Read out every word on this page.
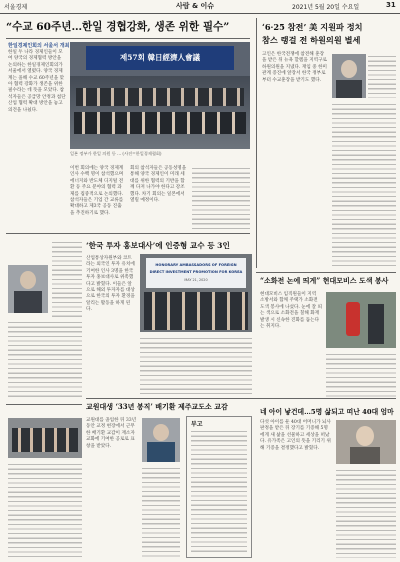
서울경제	사람 & 이슈	2021년 5월 20일 수요일	31
“수교 60주년…한일 경협강화, 생존 위한 필수”
한일경제인회의 서울서 개최
한일 두 나라 경제인들이 모여 양국의 경제협력 방안을 논의하는 한일경제인회의가 서울에서 열렸다. 양국 경제계는 올해 수교 60주년을 맞아 협력 강화가 생존을 위한 필수라는 데 뜻을 모았다. 참석자들은 공급망 안정과 첨단산업 협력 확대 방안을 놓고 의견을 나눴다.
제57회 韓日經濟人會議
일본 정부가 한일 의원 등 ... (사진=한일경제협회)
이번 회의에는 양국 경제계 인사 수백 명이 참석했으며 에너지와 반도체 디지털 전환 등 주요 분야의 협력 과제를 집중적으로 논의했다. 참석자들은 기업 간 교류를 확대하고 제3국 공동 진출을 추진하기로 했다.
회의 참석자들은 공동성명을 통해 양국 경제인이 미래 세대를 위한 협력의 기반을 함께 다져 나가야 한다고 강조했다. 차기 회의는 일본에서 열릴 예정이다.
‘6·25 참전’ 美 지원파 정치
참스 랭걸 전 하원의원 별세
고인은 한국전쟁에 참전해 훈장을 받은 뒤 뉴욕 할렘을 지역구로 하원의원을 지냈다. 재임 중 한미 관계 증진에 앞장서 한국 정부로부터 수교훈장을 받기도 했다.
‘한국 투자 홍보대사’에 인증형 교수 등 3인
산업통상자원부와 코트라는 외국인 투자 유치에 기여한 인사 3명을 한국 투자 홍보대사로 위촉했다고 밝혔다. 이들은 앞으로 해외 투자자를 대상으로 한국의 투자 환경을 알리는 활동을 하게 된다.
HONORARY AMBASSADORS OF FOREIGN
DIRECT INVESTMENT PROMOTION FOR KOREA
MAY 21, 2020	“소화전 논에 띄게” 현대모비스 도색 봉사
현대모비스 임직원들이 지역 소방서와 함께 주택가 소화전 도색 봉사에 나섰다. 눈에 잘 띄는 색으로 소화전을 칠해 화재 발생 시 신속한 진화를 돕는다는 취지다.
교원대생 ‘33년 봉직’ 배기환 제주교도소 교감
교원대를 졸업한 뒤 33년 동안 교정 현장에서 근무한 배기환 교감이 재소자 교화에 기여한 공로로 표창을 받았다.
부고
네 아이 낳건데…5명 삶되고 떠난 40대 엄마
다섯 아이를 둔 40대 어머니가 뇌사 판정을 받은 뒤 장기를 기증해 5명에게 새 삶을 선물하고 세상을 떠났다. 유가족은 고인의 뜻을 기리기 위해 기증을 결정했다고 밝혔다.
